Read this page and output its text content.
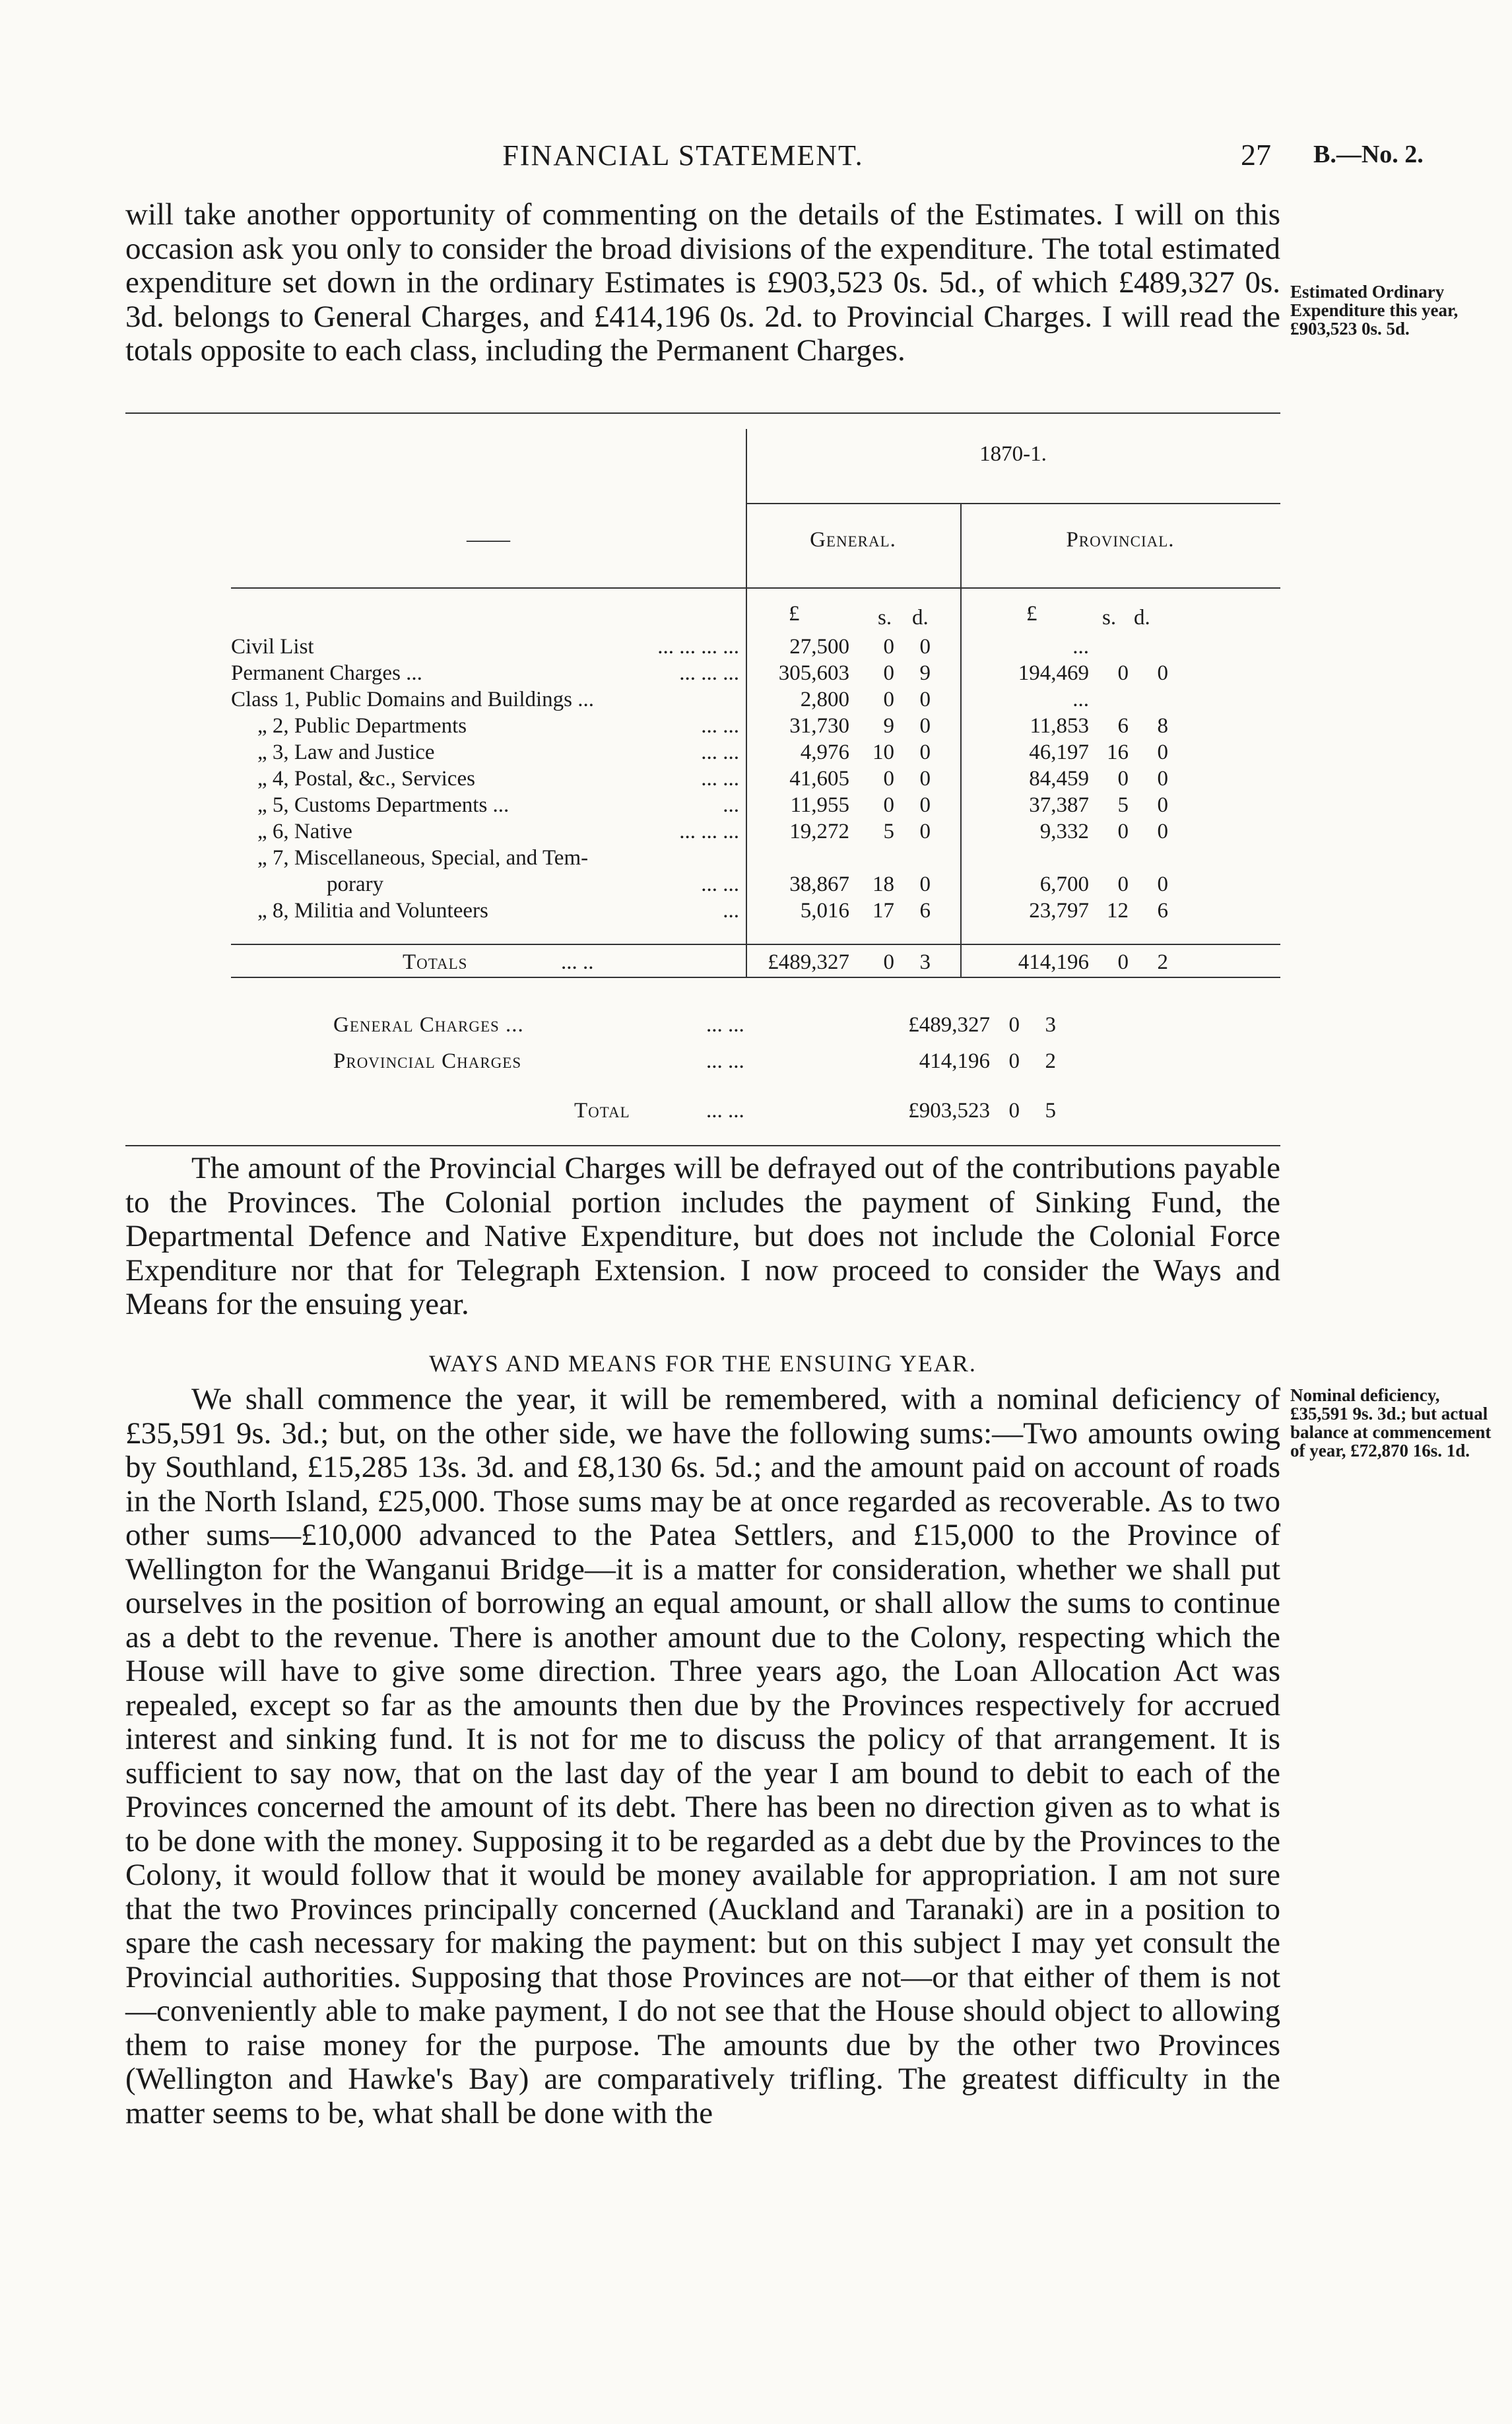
FINANCIAL STATEMENT.	27 B.—No. 2.

will take another opportunity of commenting on the details of the Estimates. I will on this occasion ask you only to consider the broad divisions of the expenditure. The total estimated expenditure set down in the ordinary Estimates is £903,523 0s. 5d., of which £489,327 0s. 3d. belongs to General Charges, and £414,196 0s. 2d. to Provincial Charges. I will read the totals opposite to each class, including the Permanent Charges.

Estimated Ordinary Expenditure this year, £903,523 0s. 5d.
1870-1.
——	General.	Provincial.
£	s. d.	£	s. d.
Civil List	... ... ... ...	27,500	0	0	...
Permanent Charges ...	... ... ...	305,603	0	9	194,469	0	0
Class 1, Public Domains and Buildings ...	2,800	0	0	...
„ 2, Public Departments	... ...	31,730	9	0	11,853	6	8
„ 3, Law and Justice	... ...	4,976	10	0	46,197 16	0
„ 4, Postal, &c., Services	... ...	41,605	0	0	84,459	0	0
„ 5, Customs Departments ...	...	11,955	0	0	37,387	5	0
„ 6, Native	... ... ...	19,272	5	0	9,332	0	0
„ 7, Miscellaneous, Special, and Tem-
porary	... ...	38,867	18	0	6,700	0	0
„ 8, Militia and Volunteers	...	5,016	17	6	23,797 12	6
Totals	... ..	£489,327	0	3	414,196	0	2
General Charges ...	... ...	£489,327 0	3
Provincial Charges	... ...	414,196 0	2
Total	... ...	£903,523 0	5

The amount of the Provincial Charges will be defrayed out of the contributions payable to the Provinces. The Colonial portion includes the payment of Sinking Fund, the Departmental Defence and Native Expenditure, but does not include the Colonial Force Expenditure nor that for Telegraph Extension. I now proceed to consider the Ways and Means for the ensuing year.

WAYS AND MEANS FOR THE ENSUING YEAR.

We shall commence the year, it will be remembered, with a nominal deficiency of £35,591 9s. 3d.; but, on the other side, we have the following sums:—Two amounts owing by Southland, £15,285 13s. 3d. and £8,130 6s. 5d.; and the amount paid on account of roads in the North Island, £25,000. Those sums may be at once regarded as recoverable. As to two other sums—£10,000 advanced to the Patea Settlers, and £15,000 to the Province of Wellington for the Wanganui Bridge—it is a matter for consideration, whether we shall put ourselves in the position of borrowing an equal amount, or shall allow the sums to continue as a debt to the revenue. There is another amount due to the Colony, respecting which the House will have to give some direction. Three years ago, the Loan Allocation Act was repealed, except so far as the amounts then due by the Provinces respectively for accrued interest and sinking fund. It is not for me to discuss the policy of that arrangement. It is sufficient to say now, that on the last day of the year I am bound to debit to each of the Provinces concerned the amount of its debt. There has been no direction given as to what is to be done with the money. Supposing it to be regarded as a debt due by the Provinces to the Colony, it would follow that it would be money available for appropriation. I am not sure that the two Provinces principally concerned (Auckland and Taranaki) are in a position to spare the cash necessary for making the payment: but on this subject I may yet consult the Provincial authorities. Supposing that those Provinces are not—or that either of them is not—conveniently able to make payment, I do not see that the House should object to allowing them to raise money for the purpose. The amounts due by the other two Provinces (Wellington and Hawke's Bay) are comparatively trifling. The greatest difficulty in the matter seems to be, what shall be done with the

Nominal deficiency, £35,591 9s. 3d.; but actual balance at commencement of year, £72,870 16s. 1d.
